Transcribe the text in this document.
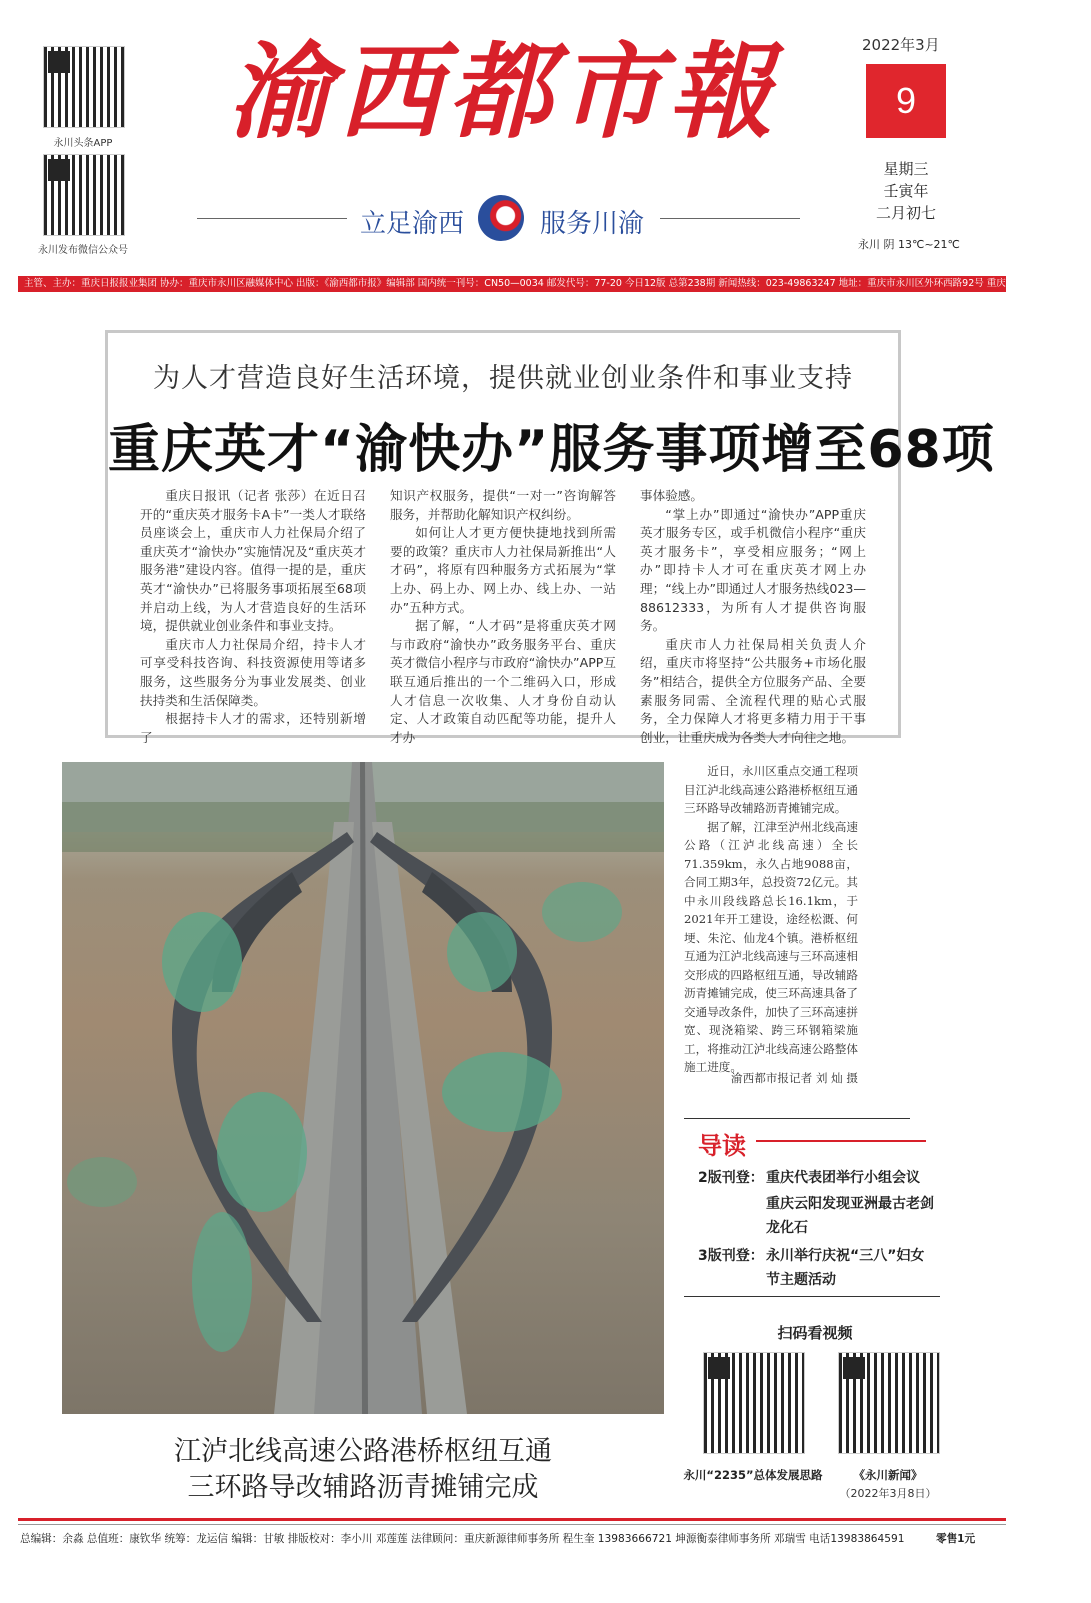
永川头条APP
永川发布微信公众号
渝西都市報
立足渝西	服务川渝
2022年3月
9
星期三
壬寅年
二月初七
永川 阴 13℃~21℃
主管、主办：重庆日报报业集团 协办：重庆市永川区融媒体中心 出版：《渝西都市报》编辑部 国内统一刊号：CN50—0034 邮发代号：77-20 今日12版 总第238期 新闻热线：023-49863247 地址：重庆市永川区外环西路92号 重庆市永川区融媒体中心
为人才营造良好生活环境，提供就业创业条件和事业支持
重庆英才“渝快办”服务事项增至68项

重庆日报讯（记者 张莎）在近日召开的“重庆英才服务卡A卡”一类人才联络员座谈会上，重庆市人力社保局介绍了重庆英才“渝快办”实施情况及“重庆英才服务港”建设内容。值得一提的是，重庆英才“渝快办”已将服务事项拓展至68项并启动上线，为人才营造良好的生活环境，提供就业创业条件和事业支持。

重庆市人力社保局介绍，持卡人才可享受科技咨询、科技资源使用等诸多服务，这些服务分为事业发展类、创业扶持类和生活保障类。

根据持卡人才的需求，还特别新增了

知识产权服务，提供“一对一”咨询解答服务，并帮助化解知识产权纠纷。

如何让人才更方便快捷地找到所需要的政策？重庆市人力社保局新推出“人才码”，将原有四种服务方式拓展为“掌上办、码上办、网上办、线上办、一站办”五种方式。

据了解，“人才码”是将重庆英才网与市政府“渝快办”政务服务平台、重庆英才微信小程序与市政府“渝快办”APP互联互通后推出的一个二维码入口，形成人才信息一次收集、人才身份自动认定、人才政策自动匹配等功能，提升人才办

事体验感。

“掌上办”即通过“渝快办”APP重庆英才服务专区，或手机微信小程序“重庆英才服务卡”，享受相应服务；“网上办”即持卡人才可在重庆英才网上办理；“线上办”即通过人才服务热线023—88612333，为所有人才提供咨询服务。

重庆市人力社保局相关负责人介绍，重庆市将坚持“公共服务+市场化服务”相结合，提供全方位服务产品、全要素服务同需、全流程代理的贴心式服务，全力保障人才将更多精力用于干事创业，让重庆成为各类人才向往之地。

近日，永川区重点交通工程项目江泸北线高速公路港桥枢纽互通三环路导改辅路沥青摊铺完成。

据了解，江津至泸州北线高速公路（江泸北线高速）全长71.359km，永久占地9088亩，合同工期3年，总投资72亿元。其中永川段线路总长16.1km，于2021年开工建设，途经松溉、何埂、朱沱、仙龙4个镇。港桥枢纽互通为江泸北线高速与三环高速相交形成的四路枢纽互通，导改辅路沥青摊铺完成，使三环高速具备了交通导改条件，加快了三环高速拼宽、现浇箱梁、跨三环钢箱梁施工，将推动江泸北线高速公路整体施工进度。

渝西都市报记者 刘 灿 摄
江泸北线高速公路港桥枢纽互通
三环路导改辅路沥青摊铺完成
导读
2版刊登： 重庆代表团举行小组会议
重庆云阳发现亚洲最古老剑龙化石
3版刊登： 永川举行庆祝“三八”妇女节主题活动
扫码看视频
永川“2235”总体发展思路	《永川新闻》
（2022年3月8日）
总编辑：余淼 总值班：康钦华 统筹：龙运信 编辑：甘敏 排版校对：李小川 邓莲莲 法律顾问：重庆新源律师事务所 程生奎 13983666721 坤源衡泰律师事务所 邓瑞雪 电话13983864591	零售1元
